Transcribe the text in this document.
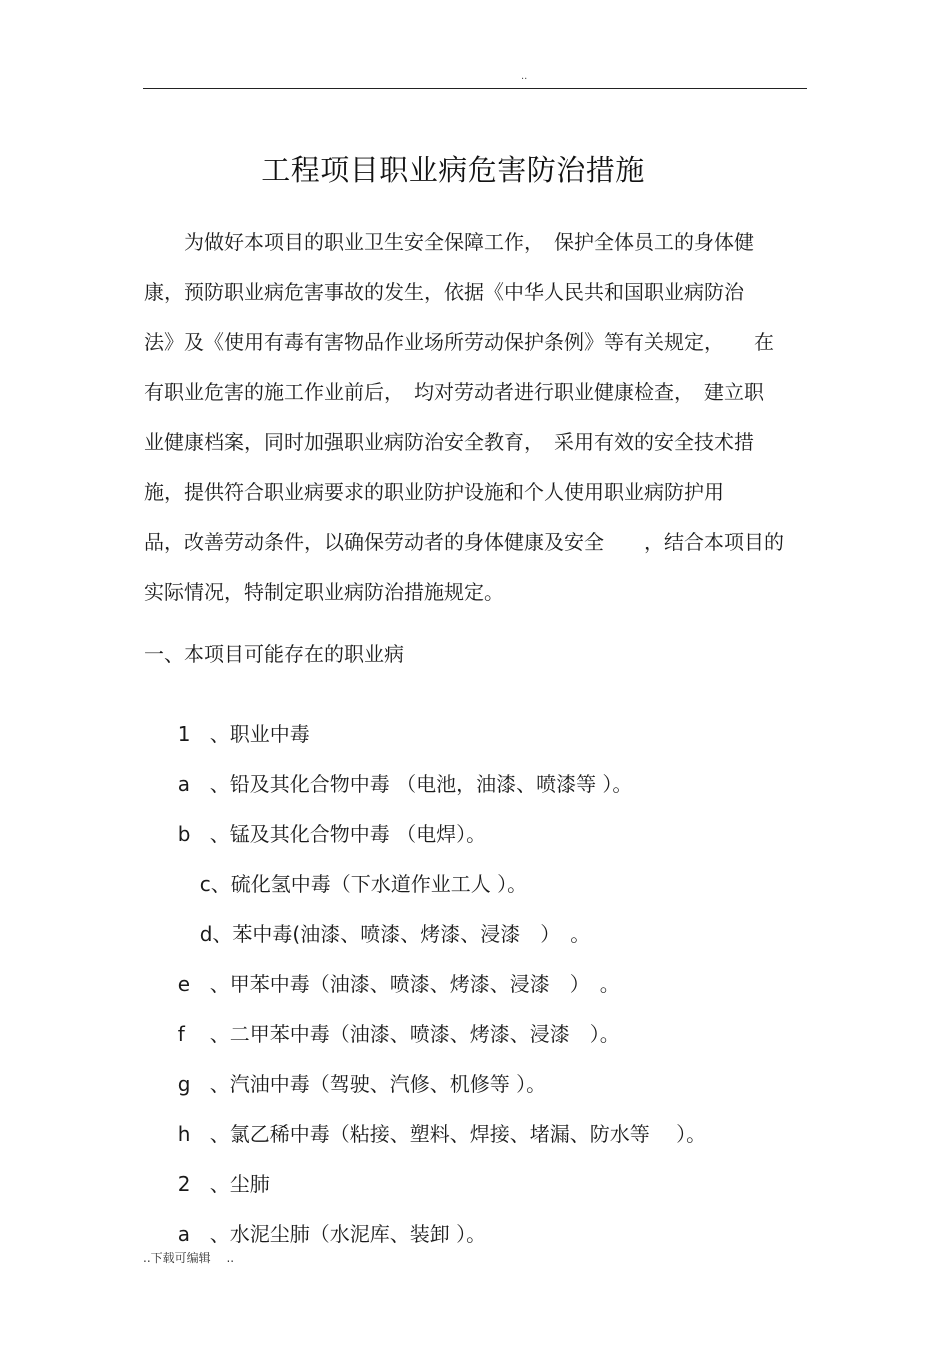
..
工程项目职业病危害防治措施
　　为做好本项目的职业卫生安全保障工作，　保护全体员工的身体健
康，预防职业病危害事故的发生，依据《中华人民共和国职业病防治
法》及《使用有毒有害物品作业场所劳动保护条例》等有关规定，　　在
有职业危害的施工作业前后，　均对劳动者进行职业健康检查，　建立职
业健康档案，同时加强职业病防治安全教育，　采用有效的安全技术措
施，提供符合职业病要求的职业防护设施和个人使用职业病防护用
品，改善劳动条件，以确保劳动者的身体健康及安全　　，结合本项目的
实际情况，特制定职业病防治措施规定。
一、本项目可能存在的职业病

1 、职业中毒

a 、铅及其化合物中毒 （电池，油漆、喷漆等 ）。

b 、锰及其化合物中毒 （电焊）。

c、硫化氢中毒（下水道作业工人 ）。

d、苯中毒(油漆、喷漆、烤漆、浸漆　）　。

e 、甲苯中毒（油漆、喷漆、烤漆、浸漆　）　。

f 、二甲苯中毒（油漆、喷漆、烤漆、浸漆　）。

g 、汽油中毒（驾驶、汽修、机修等 ）。

h 、氯乙稀中毒（粘接、塑料、焊接、堵漏、防水等　 ）。

2 、尘肺

a 、水泥尘肺（水泥库、装卸 ）。

..下载可编辑　 ..
